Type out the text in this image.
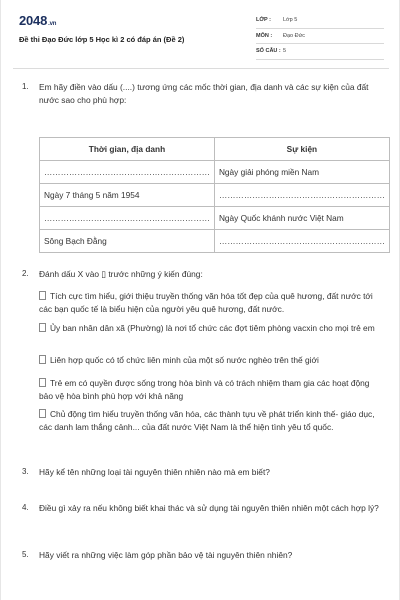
2048.vn
Đề thi Đạo Đức lớp 5 Học kì 2 có đáp án (Đề 2)
LỚP :	Lớp 5
MÔN :	Đạo Đức
SỐ CÂU : 5
1. Em hãy điền vào dấu (....) tương ứng các mốc thời gian, địa danh và các sự kiện của đất nước sao cho phù hợp:
Thời gian, địa danh	Sự kiện
……………………………………………………	Ngày giải phóng miền Nam
Ngày 7 tháng 5 năm 1954	……………………………………………………
……………………………………………………	Ngày Quốc khánh nước Việt Nam
Sông Bạch Đằng	……………………………………………………
2. Đánh dấu X vào ▯ trước những ý kiến đúng:
Tích cực tìm hiểu, giới thiệu truyền thống văn hóa tốt đẹp của quê hương, đất nước tới các bạn quốc tế là biểu hiện của người yêu quê hương, đất nước.
Ủy ban nhân dân xã (Phường) là nơi tổ chức các đợt tiêm phòng vacxin cho mọi trẻ em
Liên hợp quốc có tổ chức liên minh của một số nước nghèo trên thế giới
Trẻ em có quyền được sống trong hòa bình và có trách nhiệm tham gia các hoạt động bảo vệ hòa bình phù hợp với khả năng
Chủ động tìm hiểu truyền thống văn hóa, các thành tựu về phát triển kinh thế- giáo dục, các danh lam thắng cảnh... của đất nước Việt Nam là thể hiện tình yêu tổ quốc.
3. Hãy kể tên những loại tài nguyên thiên nhiên nào mà em biết?
4. Điều gì xảy ra nếu không biết khai thác và sử dụng tài nguyên thiên nhiên một cách hợp lý?
5. Hãy viết ra những việc làm góp phần bảo vệ tài nguyên thiên nhiên?
